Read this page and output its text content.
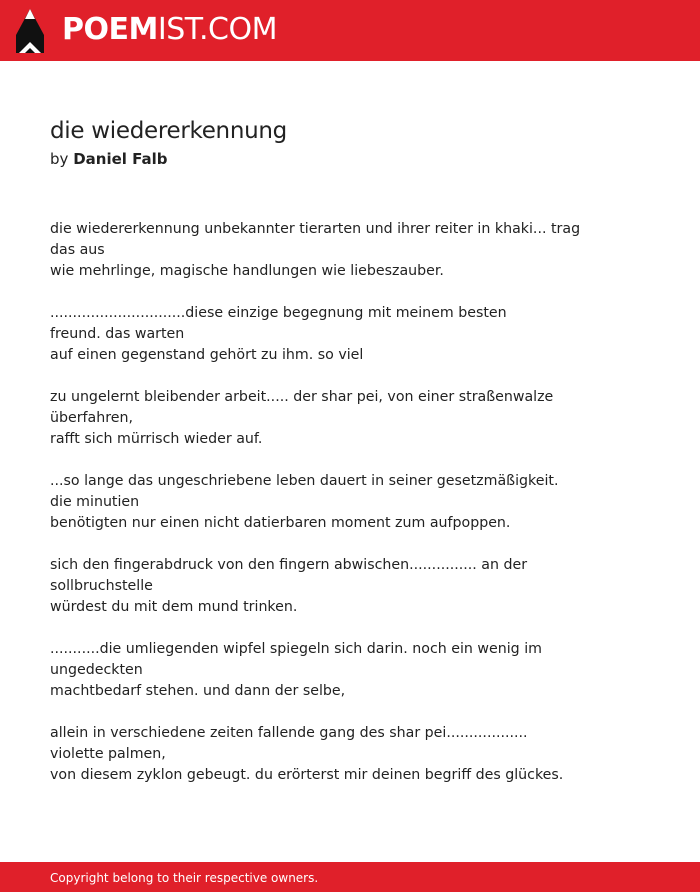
POEMIST.COM
die wiedererkennung
by Daniel Falb
die wiedererkennung unbekannter tierarten und ihrer reiter in khaki... trag
das aus
wie mehrlinge, magische handlungen wie liebeszauber.
..............................diese einzige begegnung mit meinem besten
freund. das warten
auf einen gegenstand gehört zu ihm. so viel
zu ungelernt bleibender arbeit..... der shar pei, von einer straßenwalze
überfahren,
rafft sich mürrisch wieder auf.
...so lange das ungeschriebene leben dauert in seiner gesetzmäßigkeit.
die minutien
benötigten nur einen nicht datierbaren moment zum aufpoppen.
sich den fingerabdruck von den fingern abwischen............... an der
sollbruchstelle
würdest du mit dem mund trinken.
...........die umliegenden wipfel spiegeln sich darin. noch ein wenig im
ungedeckten
machtbedarf stehen. und dann der selbe,
allein in verschiedene zeiten fallende gang des shar pei..................
violette palmen,
von diesem zyklon gebeugt. du erörterst mir deinen begriff des glückes.
Copyright belong to their respective owners.
